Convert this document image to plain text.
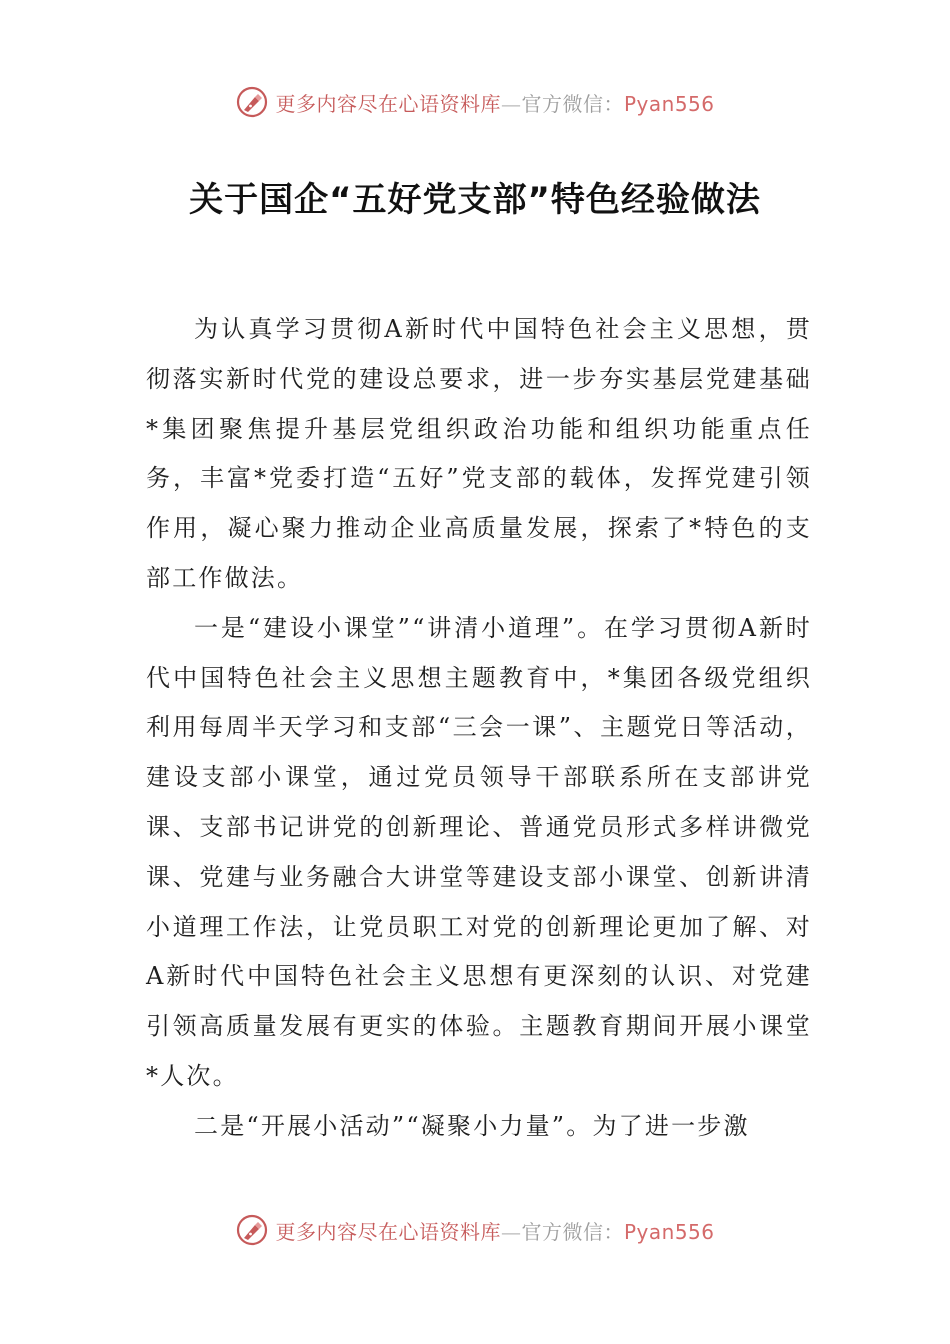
更多内容尽在心语资料库—官方微信：Pyan556
关于国企“五好党支部”特色经验做法

为认真学习贯彻A新时代中国特色社会主义思想，贯彻落实新时代党的建设总要求，进一步夯实基层党建基础*集团聚焦提升基层党组织政治功能和组织功能重点任务，丰富*党委打造“五好”党支部的载体，发挥党建引领作用，凝心聚力推动企业高质量发展，探索了*特色的支部工作做法。

一是“建设小课堂”“讲清小道理”。在学习贯彻A新时代中国特色社会主义思想主题教育中，*集团各级党组织利用每周半天学习和支部“三会一课”、主题党日等活动，建设支部小课堂，通过党员领导干部联系所在支部讲党课、支部书记讲党的创新理论、普通党员形式多样讲微党课、党建与业务融合大讲堂等建设支部小课堂、创新讲清小道理工作法，让党员职工对党的创新理论更加了解、对A新时代中国特色社会主义思想有更深刻的认识、对党建引领高质量发展有更实的体验。主题教育期间开展小课堂*人次。

二是“开展小活动”“凝聚小力量”。为了进一步激

更多内容尽在心语资料库—官方微信：Pyan556
